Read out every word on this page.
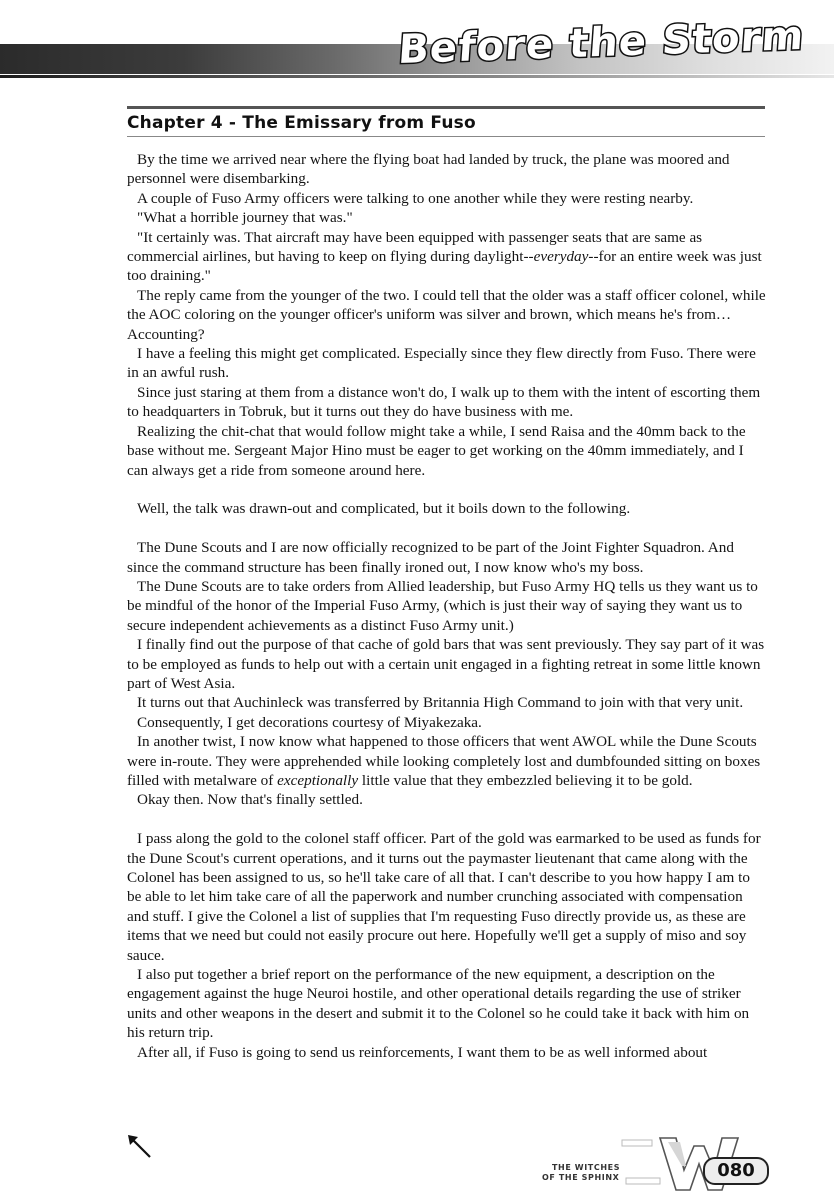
Before the Storm
Chapter 4 - The Emissary from Fuso

By the time we arrived near where the flying boat had landed by truck, the plane was moored and personnel were disembarking.

A couple of Fuso Army officers were talking to one another while they were resting nearby.

"What a horrible journey that was."

"It certainly was. That aircraft may have been equipped with passenger seats that are same as commercial airlines, but having to keep on flying during daylight--everyday--for an entire week was just too draining."

The reply came from the younger of the two. I could tell that the older was a staff officer colonel, while the AOC coloring on the younger officer's uniform was silver and brown, which means he's from… Accounting?

I have a feeling this might get complicated. Especially since they flew directly from Fuso. There were in an awful rush.

Since just staring at them from a distance won't do, I walk up to them with the intent of escorting them to headquarters in Tobruk, but it turns out they do have business with me.

Realizing the chit-chat that would follow might take a while, I send Raisa and the 40mm back to the base without me. Sergeant Major Hino must be eager to get working on the 40mm immediately, and I can always get a ride from someone around here.

Well, the talk was drawn-out and complicated, but it boils down to the following.

The Dune Scouts and I are now officially recognized to be part of the Joint Fighter Squadron. And since the command structure has been finally ironed out, I now know who's my boss.

The Dune Scouts are to take orders from Allied leadership, but Fuso Army HQ tells us they want us to be mindful of the honor of the Imperial Fuso Army, (which is just their way of saying they want us to secure independent achievements as a distinct Fuso Army unit.)

I finally find out the purpose of that cache of gold bars that was sent previously. They say part of it was to be employed as funds to help out with a certain unit engaged in a fighting retreat in some little known part of West Asia.

It turns out that Auchinleck was transferred by Britannia High Command to join with that very unit.

Consequently, I get decorations courtesy of Miyakezaka.

In another twist, I now know what happened to those officers that went AWOL while the Dune Scouts were in-route. They were apprehended while looking completely lost and dumbfounded sitting on boxes filled with metalware of exceptionally little value that they embezzled believing it to be gold.

Okay then. Now that's finally settled.

I pass along the gold to the colonel staff officer. Part of the gold was earmarked to be used as funds for the Dune Scout's current operations, and it turns out the paymaster lieutenant that came along with the Colonel has been assigned to us, so he'll take care of all that. I can't describe to you how happy I am to be able to let him take care of all the paperwork and number crunching associated with compensation and stuff. I give the Colonel a list of supplies that I'm requesting Fuso directly provide us, as these are items that we need but could not easily procure out here. Hopefully we'll get a supply of miso and soy sauce.

I also put together a brief report on the performance of the new equipment, a description on the engagement against the huge Neuroi hostile, and other operational details regarding the use of striker units and other weapons in the desert and submit it to the Colonel so he could take it back with him on his return trip.

After all, if Fuso is going to send us reinforcements, I want them to be as well informed about

THE WITCHES
OF THE SPHINX	080
